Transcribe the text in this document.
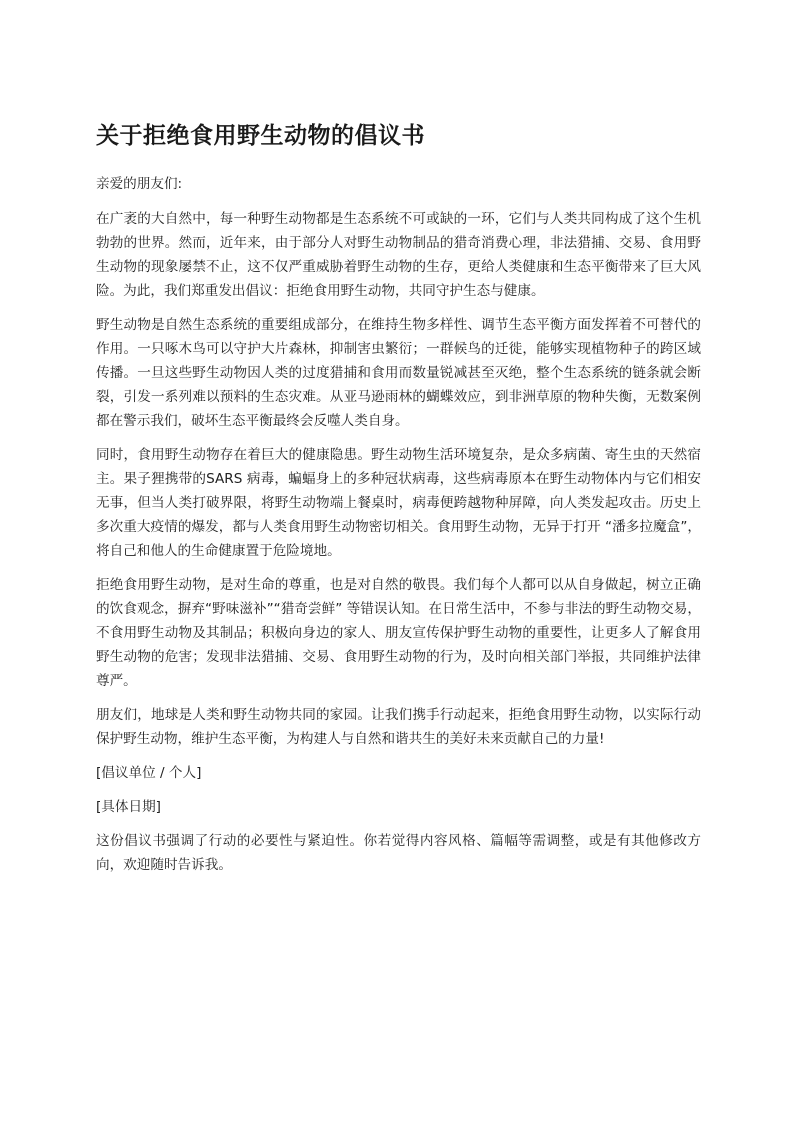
关于拒绝食用野生动物的倡议书

亲爱的朋友们:

在广袤的大自然中，每一种野生动物都是生态系统不可或缺的一环，它们与人类共同构成了这个生机勃勃的世界。然而，近年来，由于部分人对野生动物制品的猎奇消费心理，非法猎捕、交易、食用野生动物的现象屡禁不止，这不仅严重威胁着野生动物的生存，更给人类健康和生态平衡带来了巨大风险。为此，我们郑重发出倡议：拒绝食用野生动物，共同守护生态与健康。

野生动物是自然生态系统的重要组成部分，在维持生物多样性、调节生态平衡方面发挥着不可替代的作用。一只啄木鸟可以守护大片森林，抑制害虫繁衍；一群候鸟的迁徙，能够实现植物种子的跨区域传播。一旦这些野生动物因人类的过度猎捕和食用而数量锐减甚至灭绝，整个生态系统的链条就会断裂，引发一系列难以预料的生态灾难。从亚马逊雨林的蝴蝶效应，到非洲草原的物种失衡，无数案例都在警示我们，破坏生态平衡最终会反噬人类自身。

同时，食用野生动物存在着巨大的健康隐患。野生动物生活环境复杂，是众多病菌、寄生虫的天然宿主。果子狸携带的SARS 病毒，蝙蝠身上的多种冠状病毒，这些病毒原本在野生动物体内与它们相安无事，但当人类打破界限，将野生动物端上餐桌时，病毒便跨越物种屏障，向人类发起攻击。历史上多次重大疫情的爆发，都与人类食用野生动物密切相关。食用野生动物，无异于打开 “潘多拉魔盒”，将自己和他人的生命健康置于危险境地。

拒绝食用野生动物，是对生命的尊重，也是对自然的敬畏。我们每个人都可以从自身做起，树立正确的饮食观念，摒弃“野味滋补”“猎奇尝鲜” 等错误认知。在日常生活中，不参与非法的野生动物交易，不食用野生动物及其制品；积极向身边的家人、朋友宣传保护野生动物的重要性，让更多人了解食用野生动物的危害；发现非法猎捕、交易、食用野生动物的行为，及时向相关部门举报，共同维护法律尊严。

朋友们，地球是人类和野生动物共同的家园。让我们携手行动起来，拒绝食用野生动物，以实际行动保护野生动物，维护生态平衡，为构建人与自然和谐共生的美好未来贡献自己的力量!

[倡议单位 / 个人]

[具体日期]

这份倡议书强调了行动的必要性与紧迫性。你若觉得内容风格、篇幅等需调整，或是有其他修改方向，欢迎随时告诉我。
